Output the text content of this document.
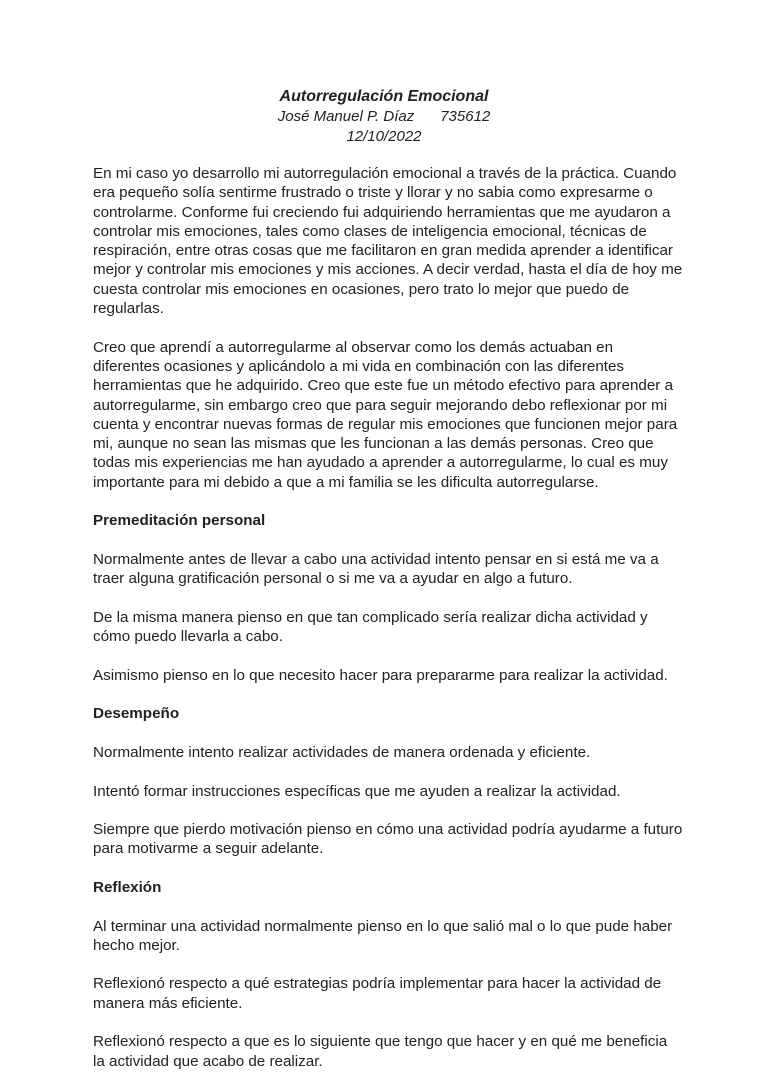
Autorregulación Emocional

José Manuel P. Díaz 735612

12/10/2022

En mi caso yo desarrollo mi autorregulación emocional a través de la práctica. Cuando era pequeño solía sentirme frustrado o triste y llorar y no sabia como expresarme o controlarme. Conforme fui creciendo fui adquiriendo herramientas que me ayudaron a controlar mis emociones, tales como clases de inteligencia emocional, técnicas de respiración, entre otras cosas que me facilitaron en gran medida aprender a identificar mejor y controlar mis emociones y mis acciones. A decir verdad, hasta el día de hoy me cuesta controlar mis emociones en ocasiones, pero trato lo mejor que puedo de regularlas.

Creo que aprendí a autorregularme al observar como los demás actuaban en diferentes ocasiones y aplicándolo a mi vida en combinación con las diferentes herramientas que he adquirido. Creo que este fue un método efectivo para aprender a autorregularme, sin embargo creo que para seguir mejorando debo reflexionar por mi cuenta y encontrar nuevas formas de regular mis emociones que funcionen mejor para mi, aunque no sean las mismas que les funcionan a las demás personas. Creo que todas mis experiencias me han ayudado a aprender a autorregularme, lo cual es muy importante para mi debido a que a mi familia se les dificulta autorregularse.

Premeditación personal

Normalmente antes de llevar a cabo una actividad intento pensar en si está me va a traer alguna gratificación personal o si me va a ayudar en algo a futuro.

De la misma manera pienso en que tan complicado sería realizar dicha actividad y cómo puedo llevarla a cabo.

Asimismo pienso en lo que necesito hacer para prepararme para realizar la actividad.

Desempeño

Normalmente intento realizar actividades de manera ordenada y eficiente.

Intentó formar instrucciones específicas que me ayuden a realizar la actividad.

Siempre que pierdo motivación pienso en cómo una actividad podría ayudarme a futuro para motivarme a seguir adelante.

Reflexión

Al terminar una actividad normalmente pienso en lo que salió mal o lo que pude haber hecho mejor.

Reflexionó respecto a qué estrategias podría implementar para hacer la actividad de manera más eficiente.

Reflexionó respecto a que es lo siguiente que tengo que hacer y en qué me beneficia la actividad que acabo de realizar.
